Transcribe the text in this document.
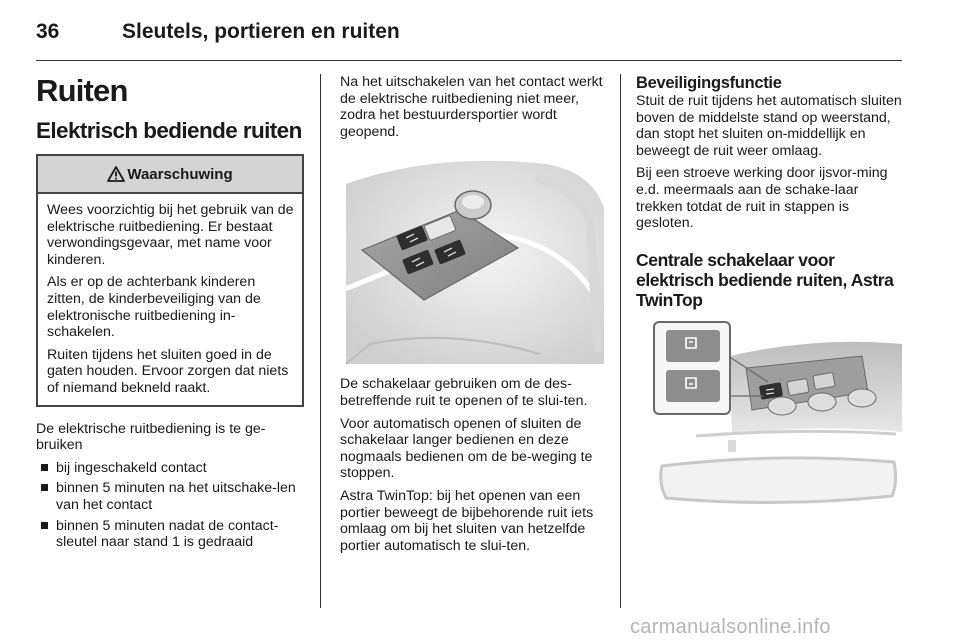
36	Sleutels, portieren en ruiten
Ruiten
Elektrisch bediende ruiten
Waarschuwing

Wees voorzichtig bij het gebruik van de elektrische ruitbediening. Er bestaat verwondingsgevaar, met name voor kinderen.

Als er op de achterbank kinderen zitten, de kinderbeveiliging van de elektronische ruitbediening in-schakelen.

Ruiten tijdens het sluiten goed in de gaten houden. Ervoor zorgen dat niets of niemand bekneld raakt.

De elektrische ruitbediening is te ge-bruiken

bij ingeschakeld contact
binnen 5 minuten na het uitschake-len van het contact
binnen 5 minuten nadat de contact-sleutel naar stand 1 is gedraaid

Na het uitschakelen van het contact werkt de elektrische ruitbediening niet meer, zodra het bestuurdersportier wordt geopend.

De schakelaar gebruiken om de des-betreffende ruit te openen of te slui-ten.

Voor automatisch openen of sluiten de schakelaar langer bedienen en deze nogmaals bedienen om de be-weging te stoppen.

Astra TwinTop: bij het openen van een portier beweegt de bijbehorende ruit iets omlaag om bij het sluiten van hetzelfde portier automatisch te slui-ten.

Beveiligingsfunctie

Stuit de ruit tijdens het automatisch sluiten boven de middelste stand op weerstand, dan stopt het sluiten on-middellijk en beweegt de ruit weer omlaag.

Bij een stroeve werking door ijsvor-ming e.d. meermaals aan de schake-laar trekken totdat de ruit in stappen is gesloten.

Centrale schakelaar voor elektrisch bediende ruiten, Astra TwinTop
carmanualsonline.info
